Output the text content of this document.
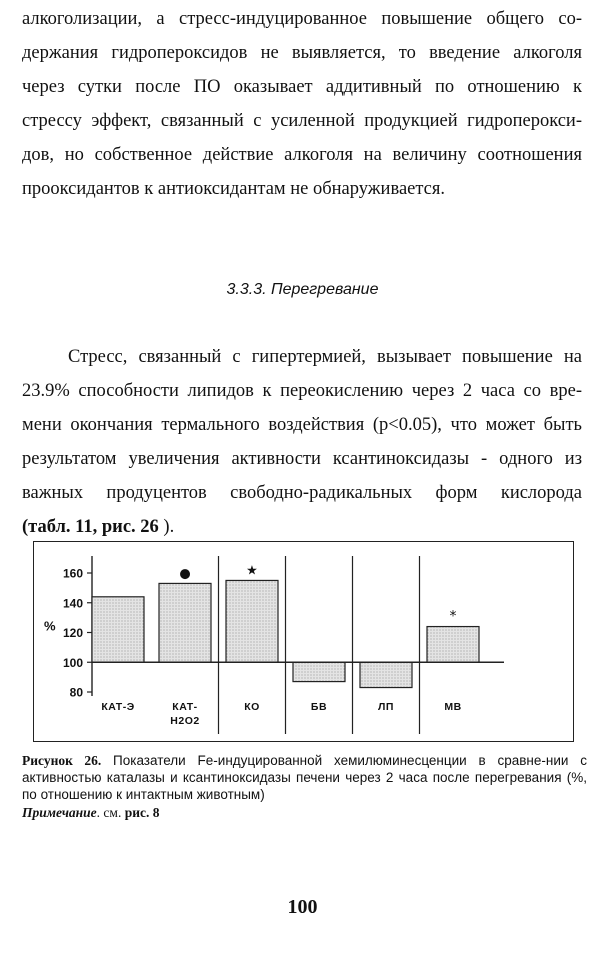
алкоголизации, а стресс-индуцированное повышение общего со-
держания гидропероксидов не выявляется, то введение алкоголя
через сутки после ПО оказывает аддитивный по отношению к
стрессу эффект, связанный с усиленной продукцией гидроперокси-
дов, но собственное действие алкоголя на величину соотношения
прооксидантов к антиоксидантам не обнаруживается.
3.3.3. Перегревание
Стресс, связанный с гипертермией, вызывает повышение на
23.9% способности липидов к переокислению через 2 часа со вре-
мени окончания термального воздействия (p<0.05), что может быть
результатом увеличения активности ксантиноксидазы - одного из
важных продуцентов свободно-радикальных форм кислорода
(табл. 11, рис. 26 ).
80
100
120
140
160
%
КАТ-Э
●
КАТ-
H2O2
★
КО	БВ	ЛП
*
МВ
Рисунок 26. Показатели Fe-индуцированной хемилюминесценции в сравне-нии с активностью каталазы и ксантиноксидазы печени через 2 часа после перегревания (%, по отношению к интактным животным)
Примечание. см. рис. 8
100
